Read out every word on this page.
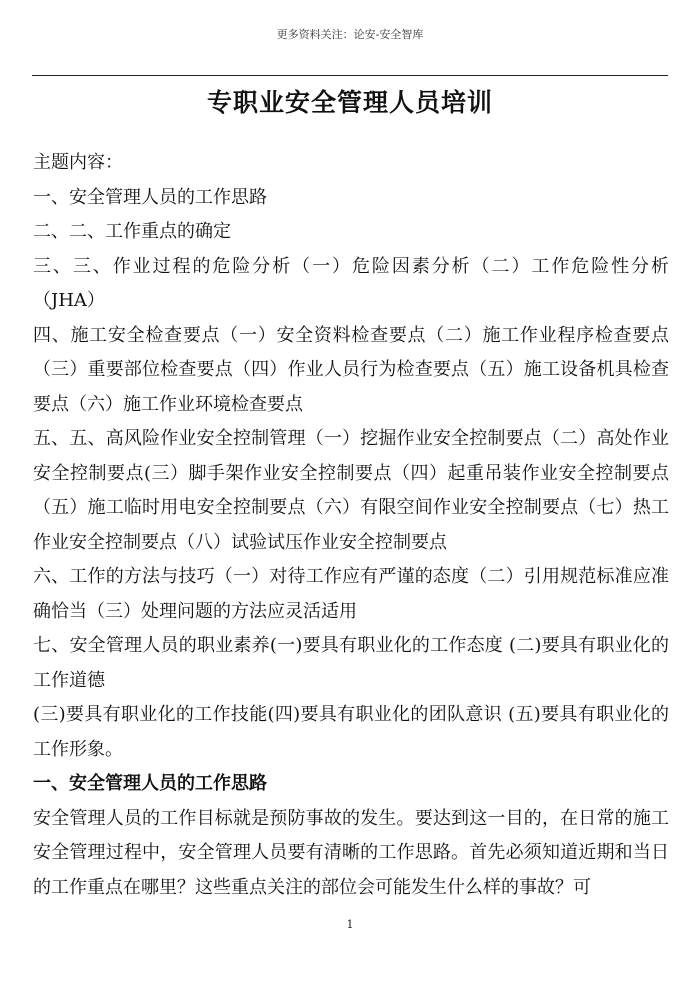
更多资料关注：论安-安全智库
专职业安全管理人员培训

主题内容：

一、安全管理人员的工作思路

二、二、工作重点的确定

三、三、作业过程的危险分析（一）危险因素分析（二）工作危险性分析（JHA）

四、施工安全检查要点（一）安全资料检查要点（二）施工作业程序检查要点（三）重要部位检查要点（四）作业人员行为检查要点（五）施工设备机具检查要点（六）施工作业环境检查要点

五、五、高风险作业安全控制管理（一）挖掘作业安全控制要点（二）高处作业安全控制要点(三）脚手架作业安全控制要点（四）起重吊装作业安全控制要点（五）施工临时用电安全控制要点（六）有限空间作业安全控制要点（七）热工作业安全控制要点（八）试验试压作业安全控制要点

六、工作的方法与技巧（一）对待工作应有严谨的态度（二）引用规范标准应准确恰当（三）处理问题的方法应灵活适用

七、安全管理人员的职业素养(一)要具有职业化的工作态度 (二)要具有职业化的工作道德

(三)要具有职业化的工作技能(四)要具有职业化的团队意识 (五)要具有职业化的工作形象。

一、安全管理人员的工作思路

安全管理人员的工作目标就是预防事故的发生。要达到这一目的，在日常的施工安全管理过程中，安全管理人员要有清晰的工作思路。首先必须知道近期和当日的工作重点在哪里？这些重点关注的部位会可能发生什么样的事故？可

1
